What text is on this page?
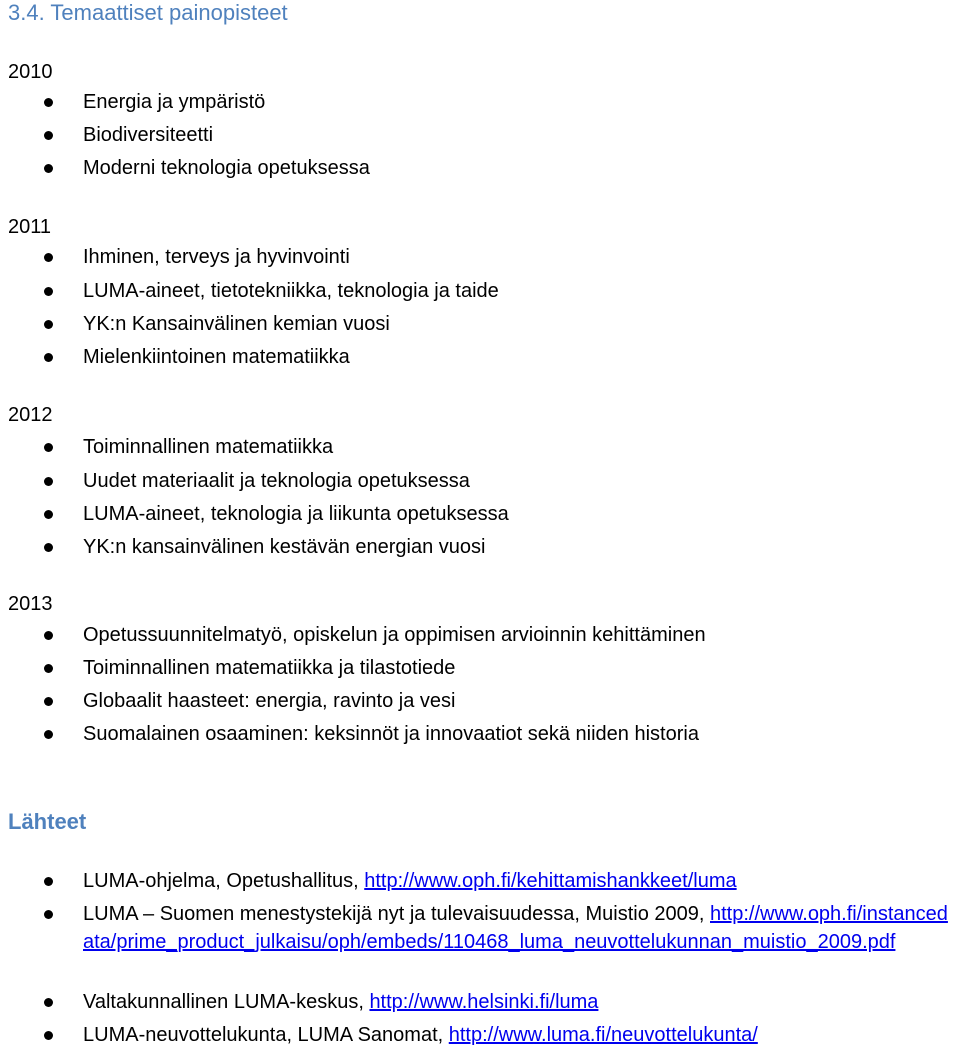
3.4. Temaattiset painopisteet
2010
Energia ja ympäristö
Biodiversiteetti
Moderni teknologia opetuksessa
2011
Ihminen, terveys ja hyvinvointi
LUMA-aineet, tietotekniikka, teknologia ja taide
YK:n Kansainvälinen kemian vuosi
Mielenkiintoinen matematiikka
2012
Toiminnallinen matematiikka
Uudet materiaalit ja teknologia opetuksessa
LUMA-aineet, teknologia ja liikunta opetuksessa
YK:n kansainvälinen kestävän energian vuosi
2013
Opetussuunnitelmatyö, opiskelun ja oppimisen arvioinnin kehittäminen
Toiminnallinen matematiikka ja tilastotiede
Globaalit haasteet: energia, ravinto ja vesi
Suomalainen osaaminen: keksinnöt ja innovaatiot sekä niiden historia
Lähteet
LUMA-ohjelma, Opetushallitus, http://www.oph.fi/kehittamishankkeet/luma
LUMA – Suomen menestystekijä nyt ja tulevaisuudessa, Muistio 2009, http://www.oph.fi/instancedata/prime_product_julkaisu/oph/embeds/110468_luma_neuvottelukunnan_muistio_2009.pdf
Valtakunnallinen LUMA-keskus, http://www.helsinki.fi/luma
LUMA-neuvottelukunta, LUMA Sanomat, http://www.luma.fi/neuvottelukunta/
